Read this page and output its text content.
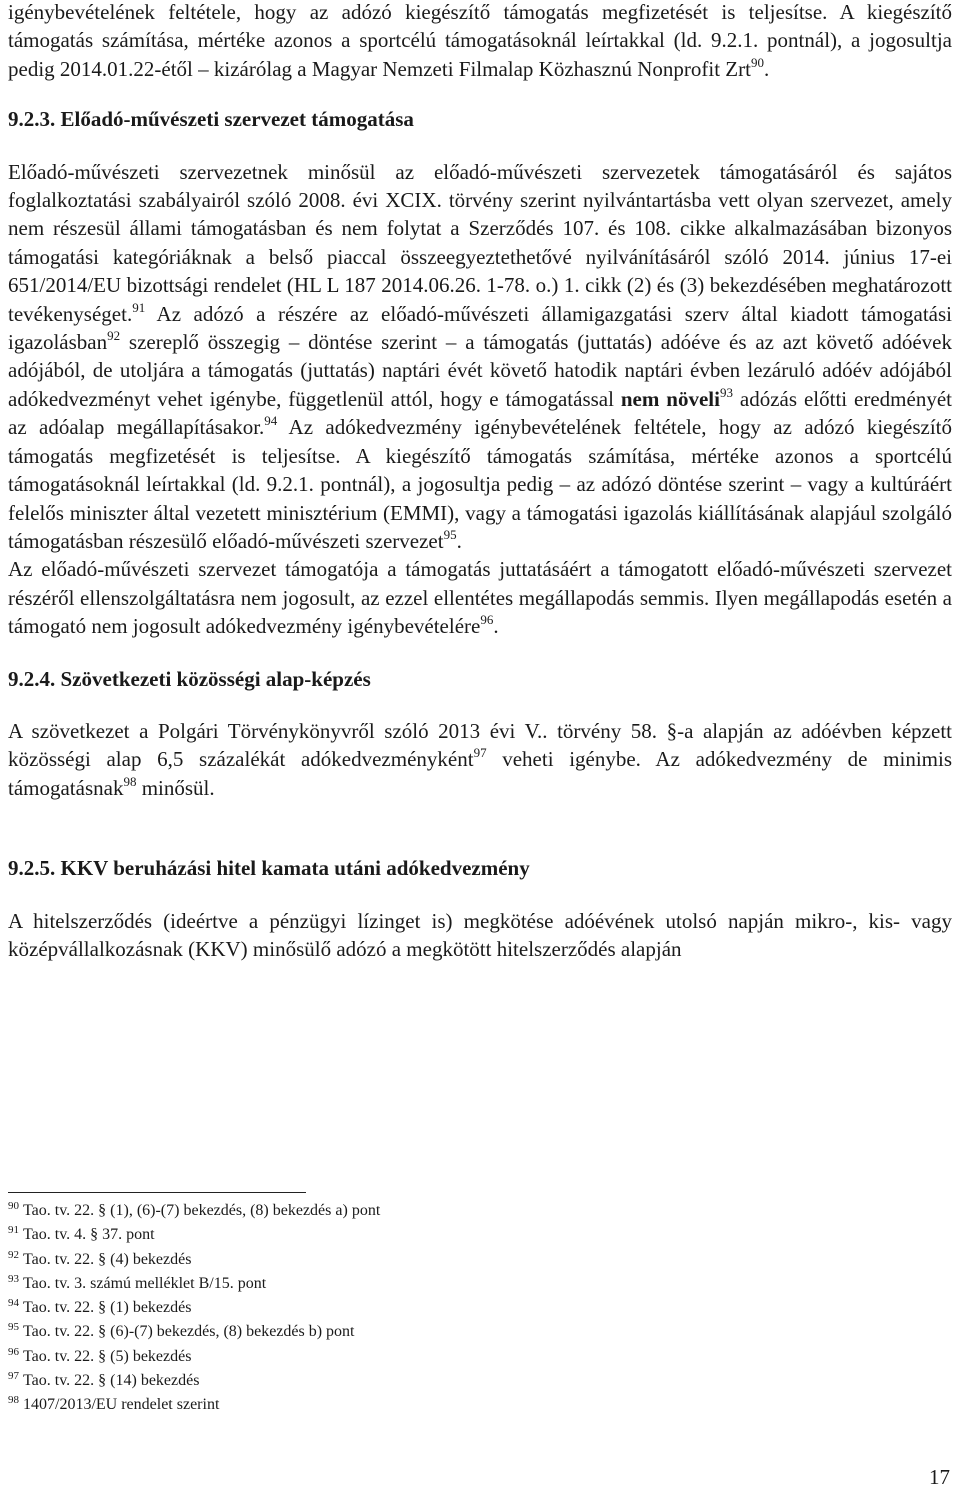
igénybevételének feltétele, hogy az adózó kiegészítő támogatás megfizetését is teljesítse. A kiegészítő támogatás számítása, mértéke azonos a sportcélú támogatásoknál leírtakkal (ld. 9.2.1. pontnál), a jogosultja pedig 2014.01.22-étől – kizárólag a Magyar Nemzeti Filmalap Közhasznú Nonprofit Zrt$^{90}$.

9.2.3. Előadó-művészeti szervezet támogatása

Előadó-művészeti szervezetnek minősül az előadó-művészeti szervezetek támogatásáról és sajátos foglalkoztatási szabályairól szóló 2008. évi XCIX. törvény szerint nyilvántartásba vett olyan szervezet, amely nem részesül állami támogatásban és nem folytat a Szerződés 107. és 108. cikke alkalmazásában bizonyos támogatási kategóriáknak a belső piaccal összeegyeztethetővé nyilvánításáról szóló 2014. június 17-ei 651/2014/EU bizottsági rendelet (HL L 187 2014.06.26. 1-78. o.) 1. cikk (2) és (3) bekezdésében meghatározott tevékenységet.$^{91}$ Az adózó a részére az előadó-művészeti államigazgatási szerv által kiadott támogatási igazolásban$^{92}$ szereplő összegig – döntése szerint – a támogatás (juttatás) adóéve és az azt követő adóévek adójából, de utoljára a támogatás (juttatás) naptári évét követő hatodik naptári évben lezáruló adóév adójából adókedvezményt vehet igénybe, függetlenül attól, hogy e támogatással nem növeli$^{93}$ adózás előtti eredményét az adóalap megállapításakor.$^{94}$ Az adókedvezmény igénybevételének feltétele, hogy az adózó kiegészítő támogatás megfizetését is teljesítse. A kiegészítő támogatás számítása, mértéke azonos a sportcélú támogatásoknál leírtakkal (ld. 9.2.1. pontnál), a jogosultja pedig – az adózó döntése szerint – vagy a kultúráért felelős miniszter által vezetett minisztérium (EMMI), vagy a támogatási igazolás kiállításának alapjául szolgáló támogatásban részesülő előadó-művészeti szervezet$^{95}$.

Az előadó-művészeti szervezet támogatója a támogatás juttatásáért a támogatott előadó-művészeti szervezet részéről ellenszolgáltatásra nem jogosult, az ezzel ellentétes megállapodás semmis. Ilyen megállapodás esetén a támogató nem jogosult adókedvezmény igénybevételére$^{96}$.

9.2.4. Szövetkezeti közösségi alap-képzés

A szövetkezet a Polgári Törvénykönyvről szóló 2013 évi V.. törvény 58. §-a alapján az adóévben képzett közösségi alap 6,5 százalékát adókedvezményként$^{97}$ veheti igénybe. Az adókedvezmény de minimis támogatásnak$^{98}$ minősül.

9.2.5. KKV beruházási hitel kamata utáni adókedvezmény

A hitelszerződés (ideértve a pénzügyi lízinget is) megkötése adóévének utolsó napján mikro-, kis- vagy középvállalkozásnak (KKV) minősülő adózó a megkötött hitelszerződés alapján

$^{90}$ Tao. tv. 22. § (1), (6)-(7) bekezdés, (8) bekezdés a) pont
$^{91}$ Tao. tv. 4. § 37. pont
$^{92}$ Tao. tv. 22. § (4) bekezdés
$^{93}$ Tao. tv. 3. számú melléklet B/15. pont
$^{94}$ Tao. tv. 22. § (1) bekezdés
$^{95}$ Tao. tv. 22. § (6)-(7) bekezdés, (8) bekezdés b) pont
$^{96}$ Tao. tv. 22. § (5) bekezdés
$^{97}$ Tao. tv. 22. § (14) bekezdés
$^{98}$ 1407/2013/EU rendelet szerint
17
